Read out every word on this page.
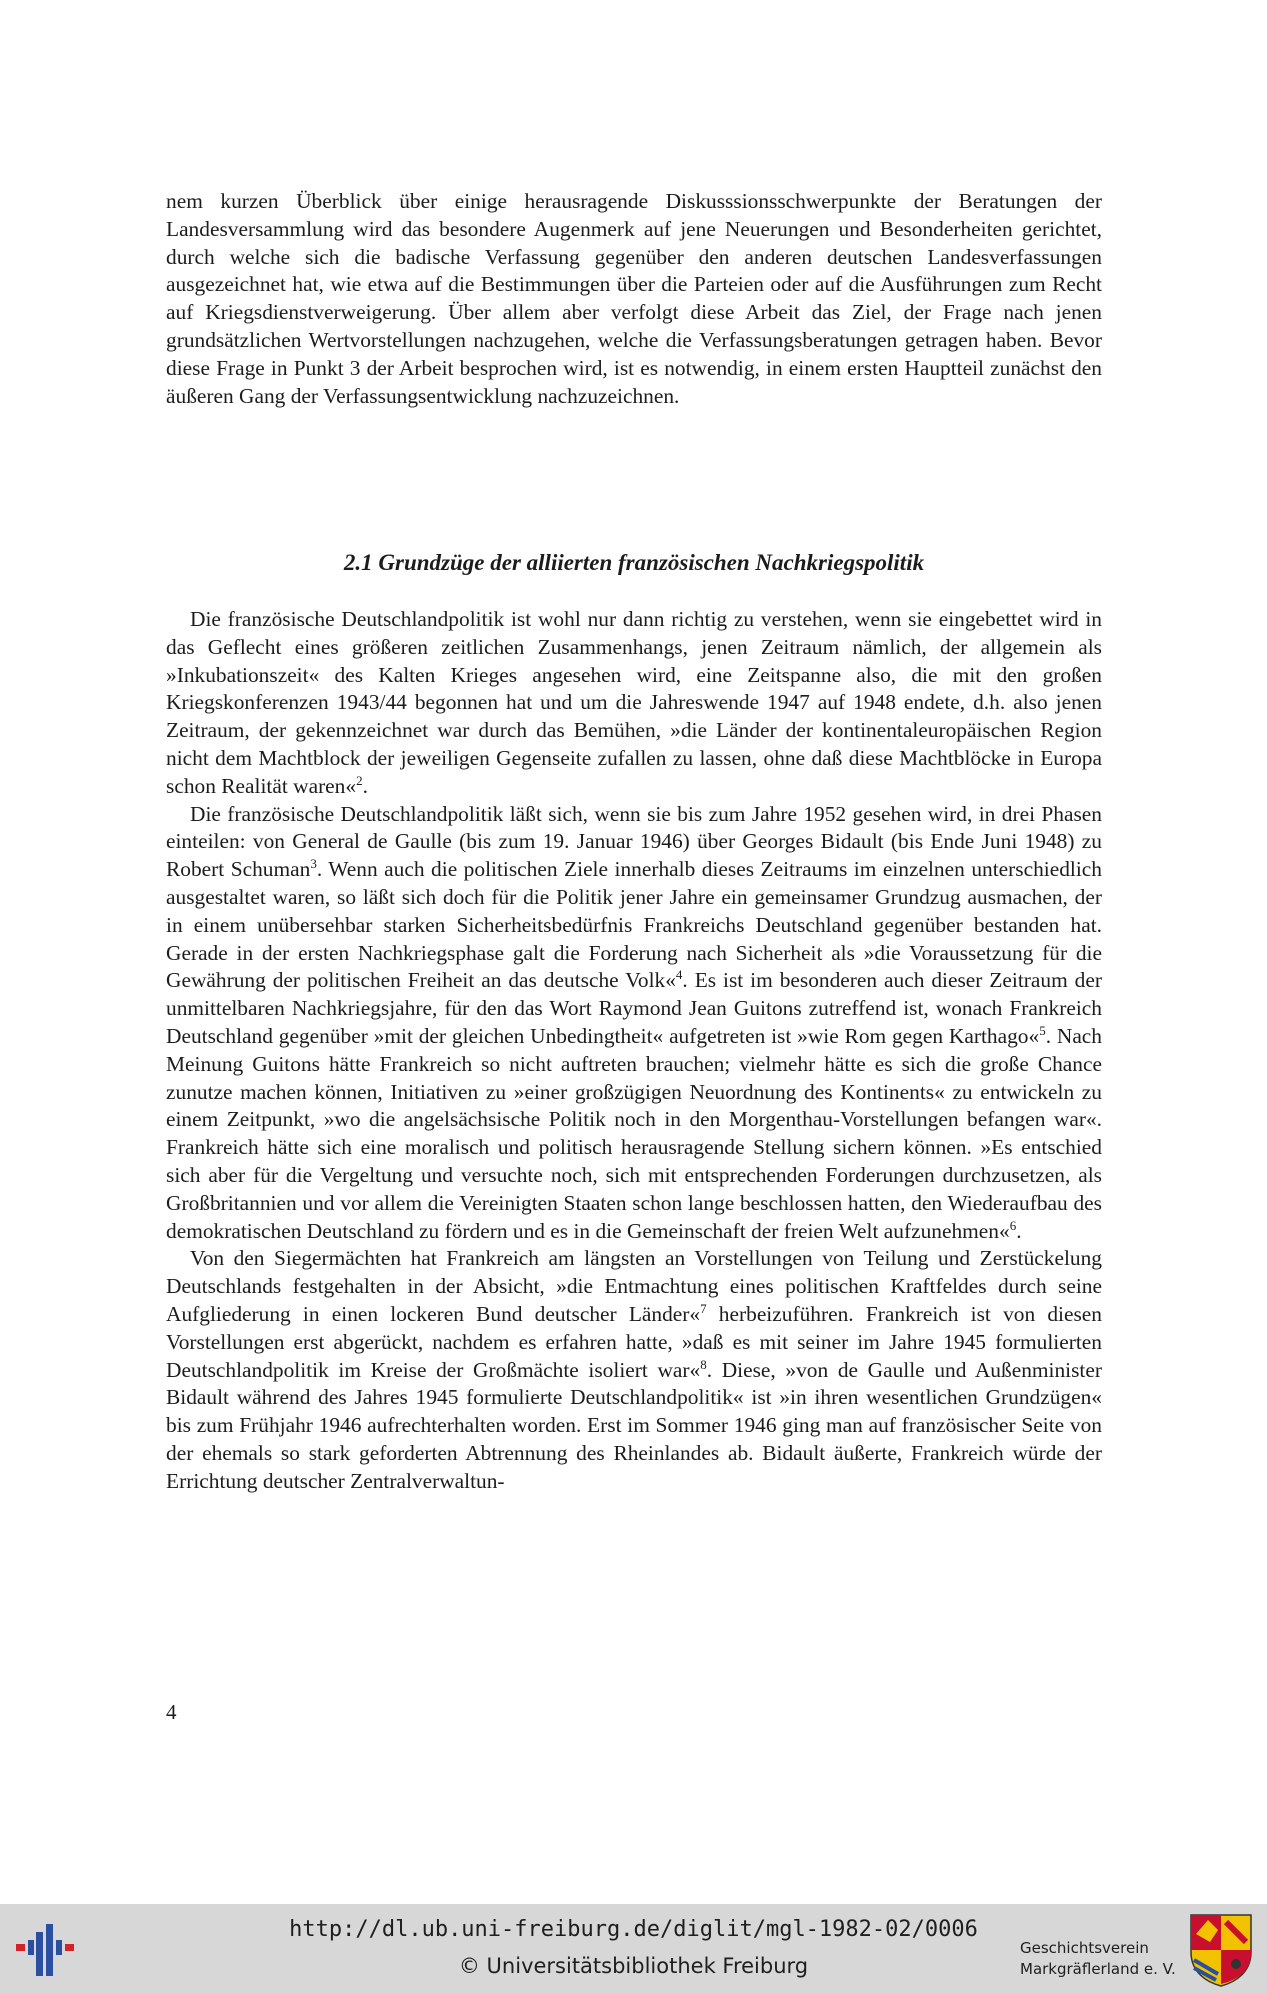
nem kurzen Überblick über einige herausragende Diskusssionsschwerpunkte der Beratungen der Landesversammlung wird das besondere Augenmerk auf jene Neuerungen und Besonderheiten gerichtet, durch welche sich die badische Verfassung gegenüber den anderen deutschen Landesverfassungen ausgezeichnet hat, wie etwa auf die Bestimmungen über die Parteien oder auf die Ausführungen zum Recht auf Kriegsdienstverweigerung. Über allem aber verfolgt diese Arbeit das Ziel, der Frage nach jenen grundsätzlichen Wertvorstellungen nachzugehen, welche die Verfassungsberatungen getragen haben. Bevor diese Frage in Punkt 3 der Arbeit besprochen wird, ist es notwendig, in einem ersten Hauptteil zunächst den äußeren Gang der Verfassungsentwicklung nachzuzeichnen.

2.1 Grundzüge der alliierten französischen Nachkriegspolitik

Die französische Deutschlandpolitik ist wohl nur dann richtig zu verstehen, wenn sie eingebettet wird in das Geflecht eines größeren zeitlichen Zusammenhangs, jenen Zeitraum nämlich, der allgemein als »Inkubationszeit« des Kalten Krieges angesehen wird, eine Zeitspanne also, die mit den großen Kriegskonferenzen 1943/44 begonnen hat und um die Jahreswende 1947 auf 1948 endete, d.h. also jenen Zeitraum, der gekennzeichnet war durch das Bemühen, »die Länder der kontinentaleuropäischen Region nicht dem Machtblock der jeweiligen Gegenseite zufallen zu lassen, ohne daß diese Machtblöcke in Europa schon Realität waren«$^2$.

Die französische Deutschlandpolitik läßt sich, wenn sie bis zum Jahre 1952 gesehen wird, in drei Phasen einteilen: von General de Gaulle (bis zum 19. Januar 1946) über Georges Bidault (bis Ende Juni 1948) zu Robert Schuman$^3$. Wenn auch die politischen Ziele innerhalb dieses Zeitraums im einzelnen unterschiedlich ausgestaltet waren, so läßt sich doch für die Politik jener Jahre ein gemeinsamer Grundzug ausmachen, der in einem unübersehbar starken Sicherheitsbedürfnis Frankreichs Deutschland gegenüber bestanden hat. Gerade in der ersten Nachkriegsphase galt die Forderung nach Sicherheit als »die Voraussetzung für die Gewährung der politischen Freiheit an das deutsche Volk«$^4$. Es ist im besonderen auch dieser Zeitraum der unmittelbaren Nachkriegsjahre, für den das Wort Raymond Jean Guitons zutreffend ist, wonach Frankreich Deutschland gegenüber »mit der gleichen Unbedingtheit« aufgetreten ist »wie Rom gegen Karthago«$^5$. Nach Meinung Guitons hätte Frankreich so nicht auftreten brauchen; vielmehr hätte es sich die große Chance zunutze machen können, Initiativen zu »einer großzügigen Neuordnung des Kontinents« zu entwickeln zu einem Zeitpunkt, »wo die angelsächsische Politik noch in den Morgenthau-Vorstellungen befangen war«. Frankreich hätte sich eine moralisch und politisch herausragende Stellung sichern können. »Es entschied sich aber für die Vergeltung und versuchte noch, sich mit entsprechenden Forderungen durchzusetzen, als Großbritannien und vor allem die Vereinigten Staaten schon lange beschlossen hatten, den Wiederaufbau des demokratischen Deutschland zu fördern und es in die Gemeinschaft der freien Welt aufzunehmen«$^6$.

Von den Siegermächten hat Frankreich am längsten an Vorstellungen von Teilung und Zerstückelung Deutschlands festgehalten in der Absicht, »die Entmachtung eines politischen Kraftfeldes durch seine Aufgliederung in einen lockeren Bund deutscher Länder«$^7$ herbeizuführen. Frankreich ist von diesen Vorstellungen erst abgerückt, nachdem es erfahren hatte, »daß es mit seiner im Jahre 1945 formulierten Deutschlandpolitik im Kreise der Großmächte isoliert war«$^8$. Diese, »von de Gaulle und Außenminister Bidault während des Jahres 1945 formulierte Deutschlandpolitik« ist »in ihren wesentlichen Grundzügen« bis zum Frühjahr 1946 aufrechterhalten worden. Erst im Sommer 1946 ging man auf französischer Seite von der ehemals so stark geforderten Abtrennung des Rheinlandes ab. Bidault äußerte, Frankreich würde der Errichtung deutscher Zentralverwaltun-

4
http://dl.ub.uni-freiburg.de/diglit/mgl-1982-02/0006
© Universitätsbibliothek Freiburg
Geschichtsverein
Markgräflerland e. V.
